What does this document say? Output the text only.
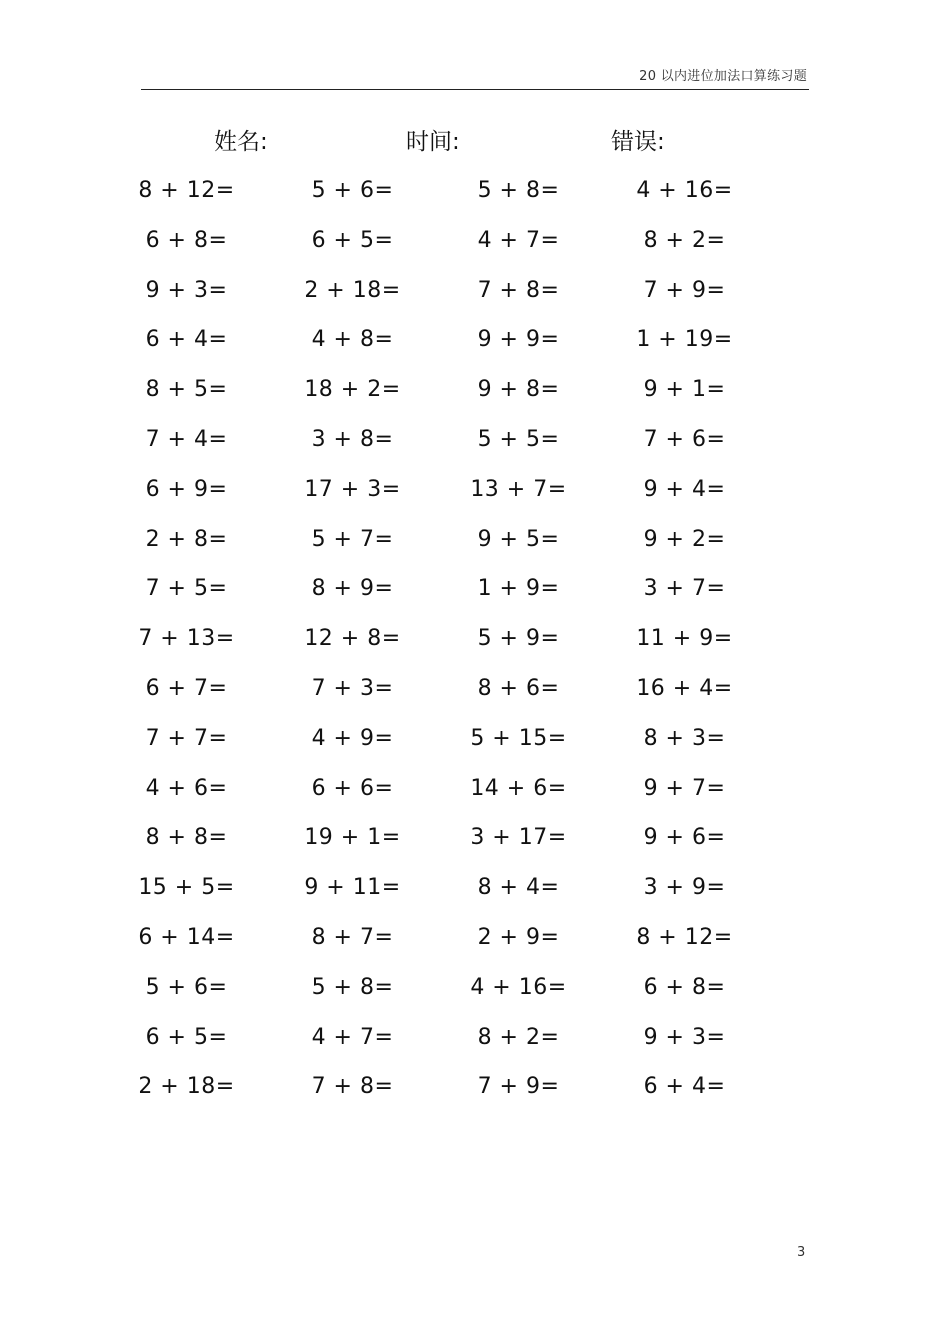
20 以内进位加法口算练习题
姓名:	时间:	错误:
8 + 12=	5 + 6=	5 + 8=	4 + 16=
6 + 8=	6 + 5=	4 + 7=	8 + 2=
9 + 3=	2 + 18=	7 + 8=	7 + 9=
6 + 4=	4 + 8=	9 + 9=	1 + 19=
8 + 5=	18 + 2=	9 + 8=	9 + 1=
7 + 4=	3 + 8=	5 + 5=	7 + 6=
6 + 9=	17 + 3=	13 + 7=	9 + 4=
2 + 8=	5 + 7=	9 + 5=	9 + 2=
7 + 5=	8 + 9=	1 + 9=	3 + 7=
7 + 13=	12 + 8=	5 + 9=	11 + 9=
6 + 7=	7 + 3=	8 + 6=	16 + 4=
7 + 7=	4 + 9=	5 + 15=	8 + 3=
4 + 6=	6 + 6=	14 + 6=	9 + 7=
8 + 8=	19 + 1=	3 + 17=	9 + 6=
15 + 5=	9 + 11=	8 + 4=	3 + 9=
6 + 14=	8 + 7=	2 + 9=	8 + 12=
5 + 6=	5 + 8=	4 + 16=	6 + 8=
6 + 5=	4 + 7=	8 + 2=	9 + 3=
2 + 18=	7 + 8=	7 + 9=	6 + 4=
3
